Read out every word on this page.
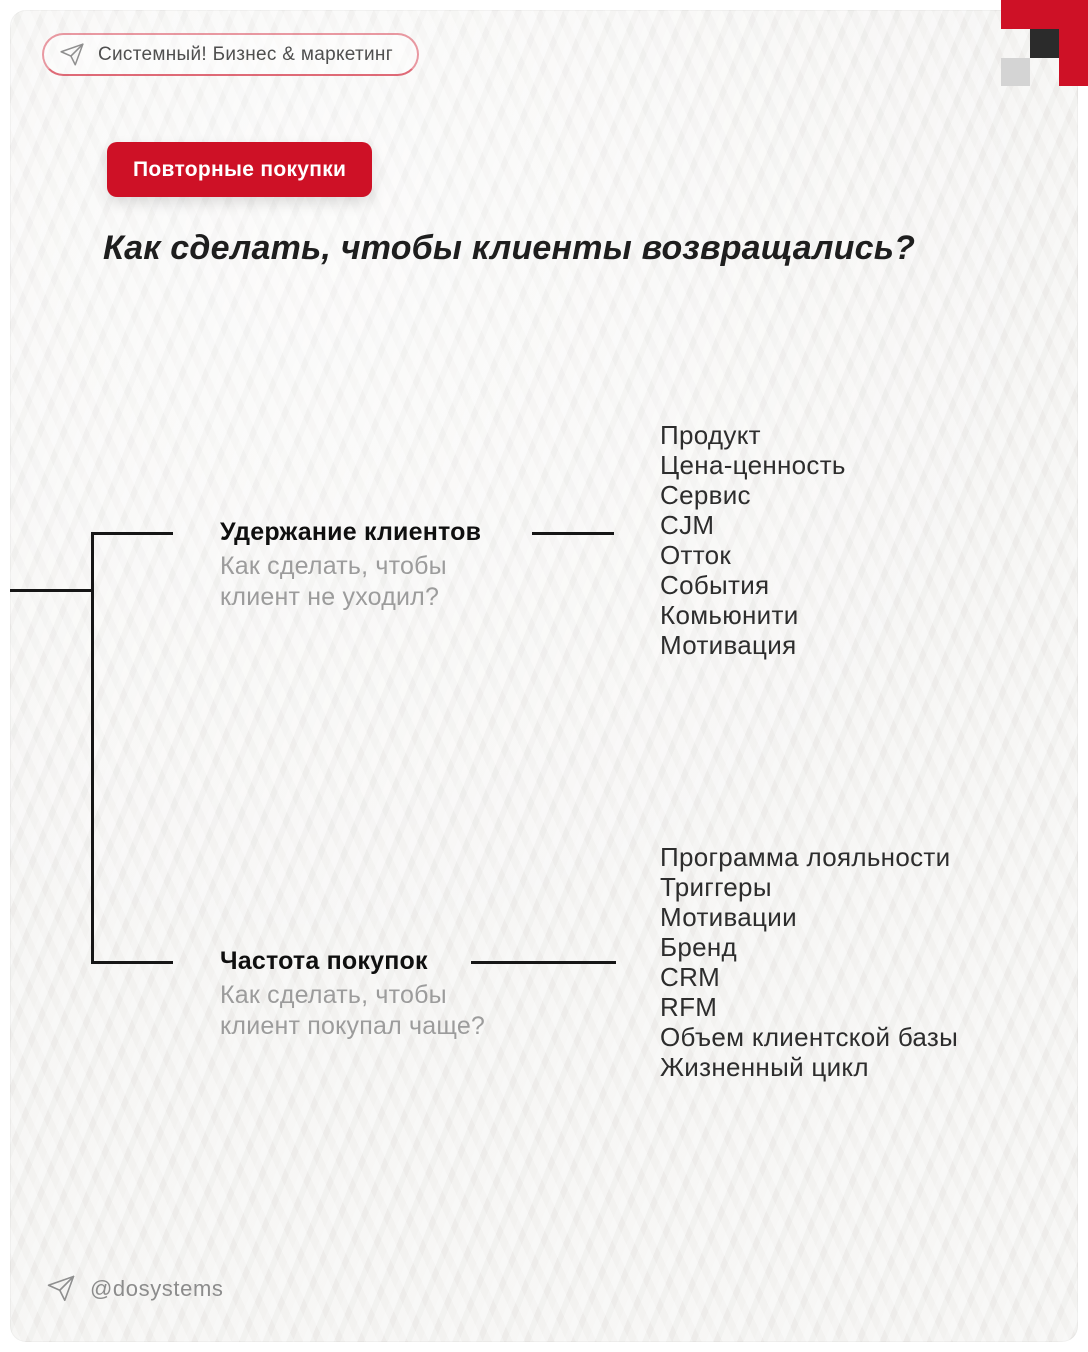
Системный! Бизнес & маркетинг
Повторные покупки
Как сделать, чтобы клиенты возвращались?
Удержание клиентов
Как сделать, чтобы
клиент не уходил?
Продукт
Цена-ценность
Сервис
CJM
Отток
События
Комьюнити
Мотивация
Частота покупок
Как сделать, чтобы
клиент покупал чаще?
Программа лояльности
Триггеры
Мотивации
Бренд
CRM
RFM
Объем клиентской базы
Жизненный цикл
@dosystems
